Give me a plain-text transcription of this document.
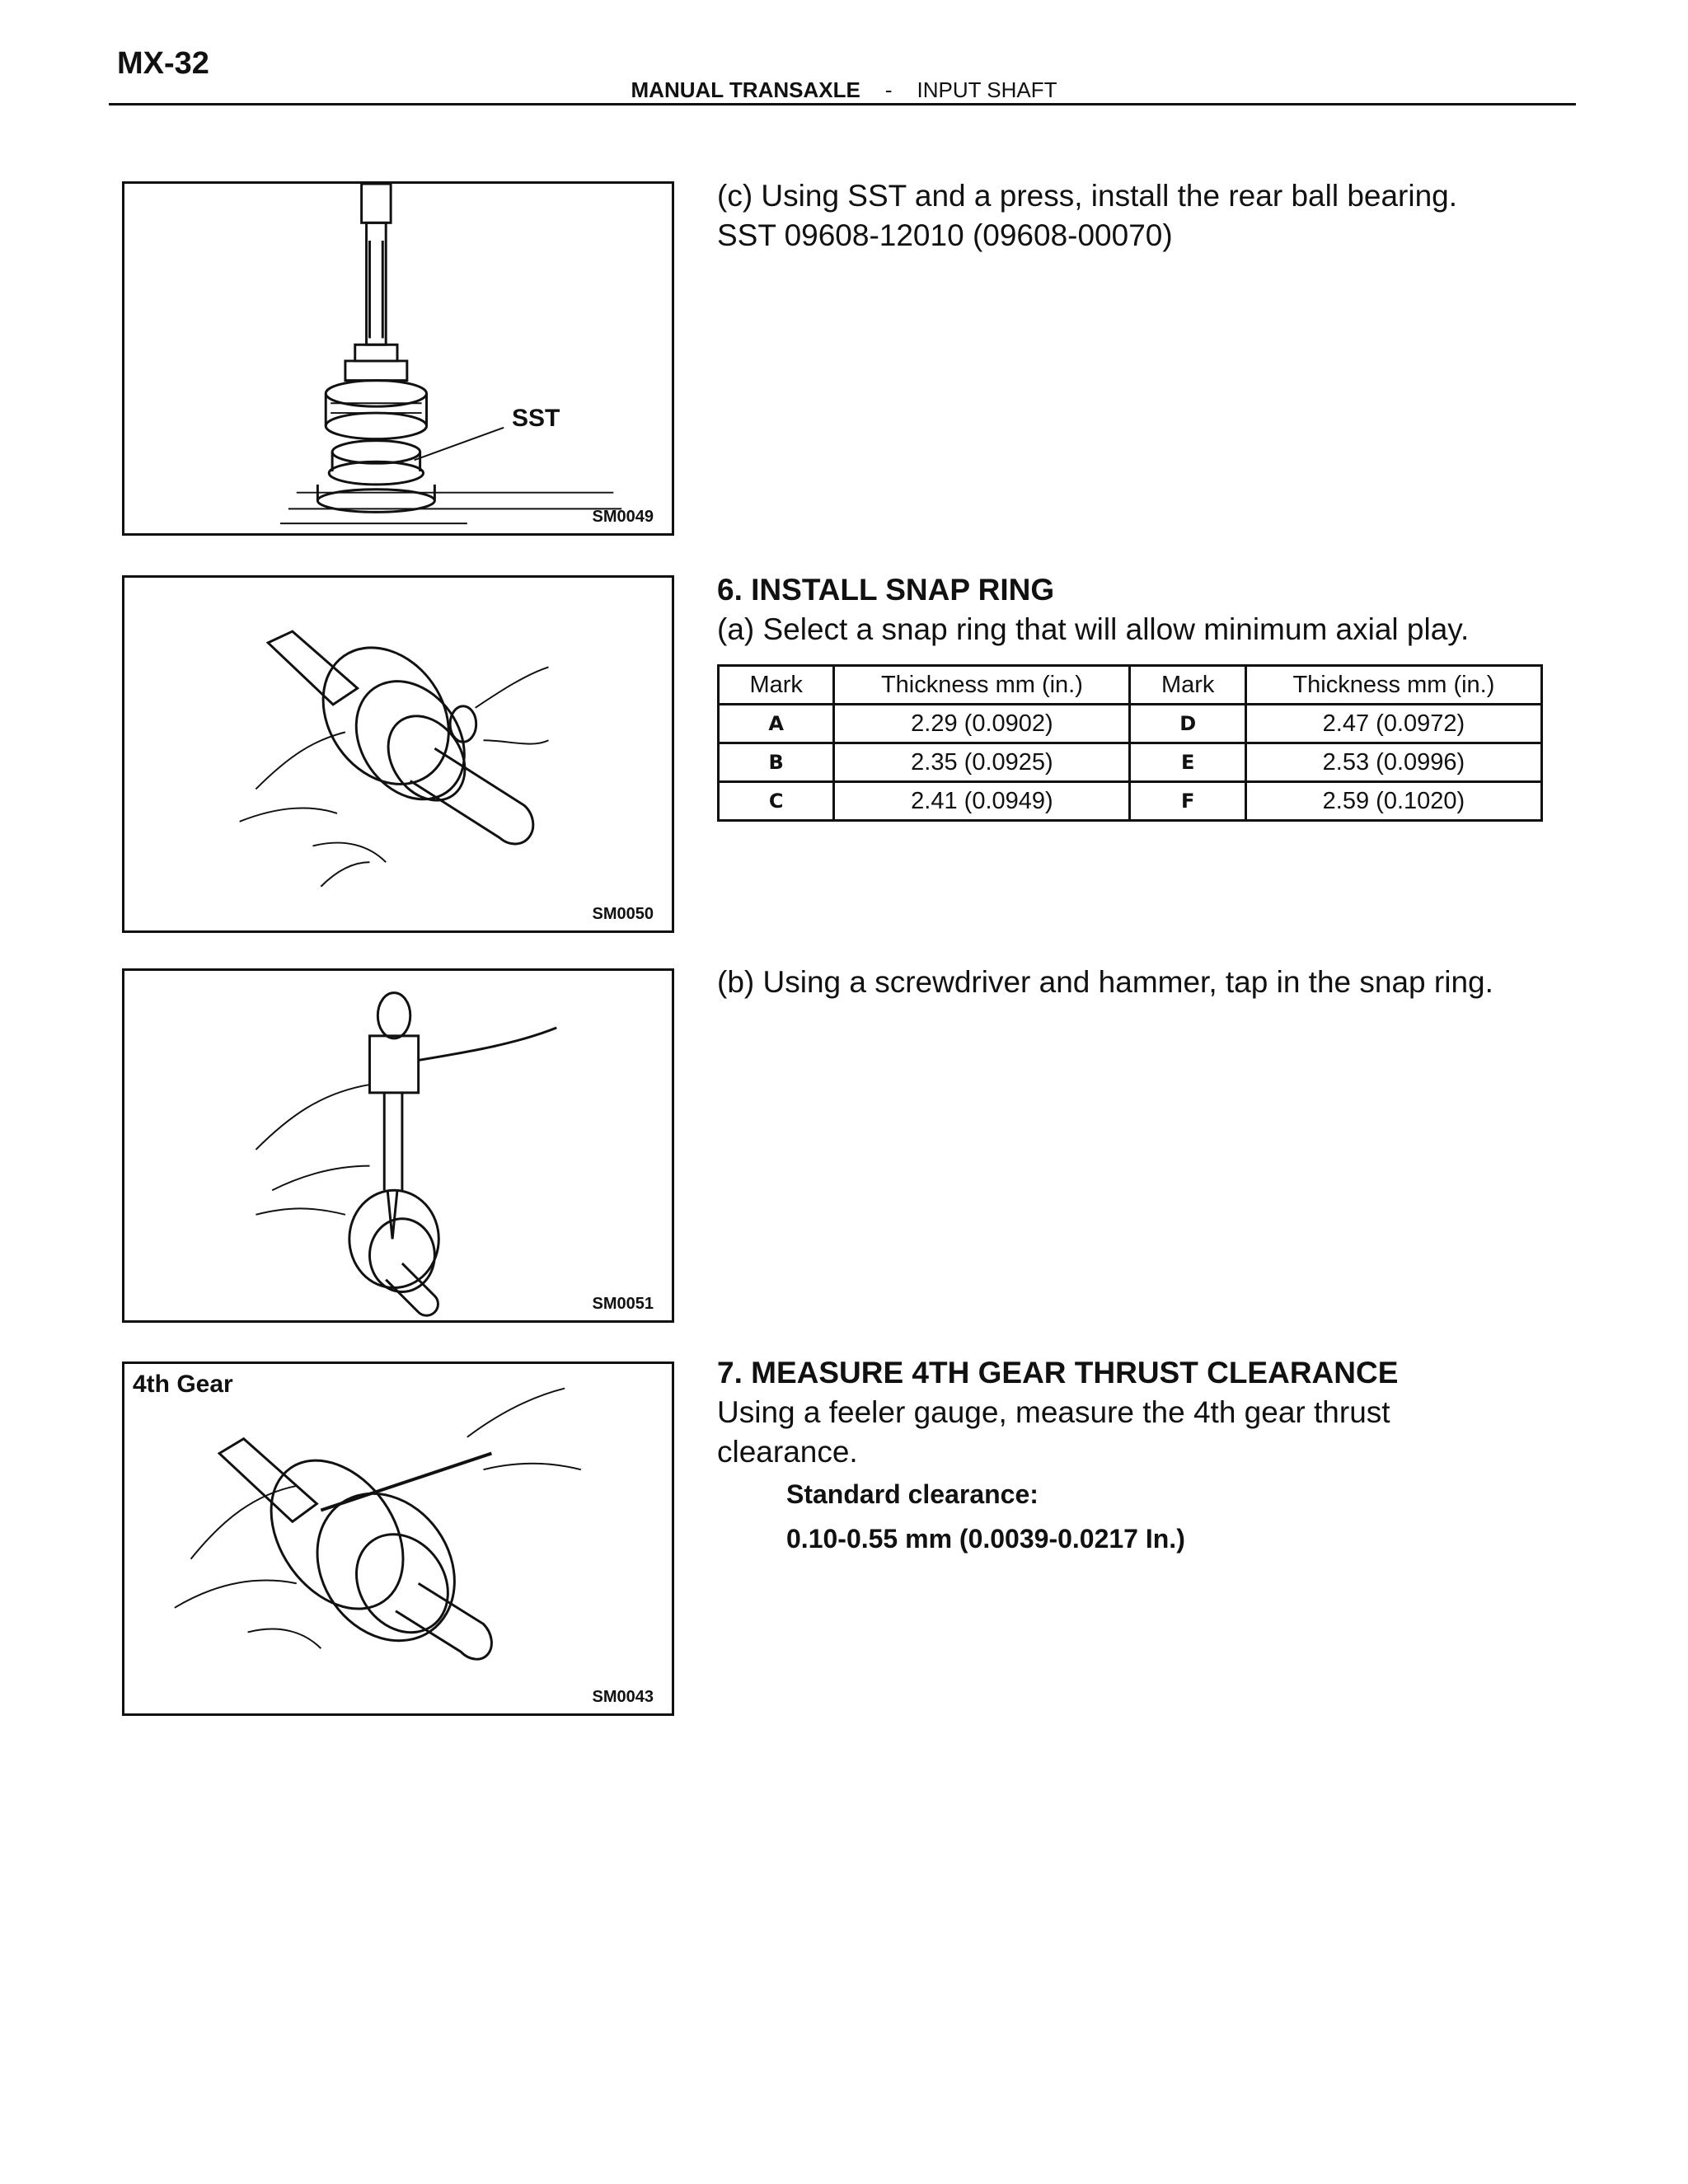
MX-32
MANUAL TRANSAXLE - INPUT SHAFT
SST
SM0049
SM0050
SM0051
4th Gear
SM0043
(c) Using SST and a press, install the rear ball bearing.
SST 09608-12010 (09608-00070)
6. INSTALL SNAP RING
(a) Select a snap ring that will allow minimum axial play.
Mark	Thickness mm (in.)	Mark	Thickness mm (in.)
A	2.29 (0.0902)	D	2.47 (0.0972)
B	2.35 (0.0925)	E	2.53 (0.0996)
C	2.41 (0.0949)	F	2.59 (0.1020)
(b) Using a screwdriver and hammer, tap in the snap ring.
7. MEASURE 4TH GEAR THRUST CLEARANCE
Using a feeler gauge, measure the 4th gear thrust
clearance.
Standard clearance:
0.10-0.55 mm (0.0039-0.0217 In.)
